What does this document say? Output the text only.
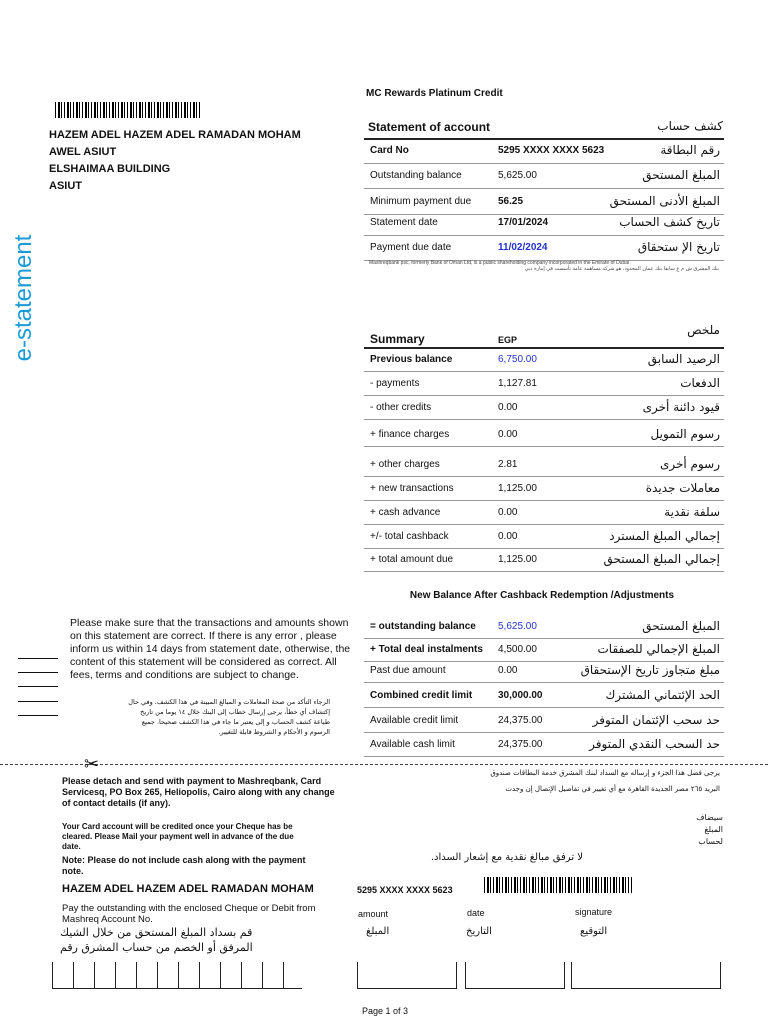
e-statement
HAZEM ADEL HAZEM ADEL RAMADAN MOHAM
AWEL ASIUT
ELSHAIMAA BUILDING
ASIUT
MC Rewards Platinum Credit
Statement of account	كشف حساب
Card No	5295 XXXX XXXX 5623	رقم البطاقة
Outstanding balance	5,625.00	المبلغ المستحق
Minimum payment due	56.25	المبلغ الأدنى المستحق
Statement date	17/01/2024	تاريخ كشف الحساب
Payment due date	11/02/2024	تاريخ الإ ستحقاق
Mashreqbank psc, formerly Bank of Oman Ltd, is a public shareholding company incorporated in the Emirate of Dubai
بنك المشرق ش م ع سابقا بنك عمان المحدود، هو شركة مساهمة عامة تأسست في إمارة دبي
Summary	EGP
ملخص
Previous balance	6,750.00	الرصيد السابق
- payments	1,127.81	الدفعات
- other credits	0.00	قيود دائنة أخرى
+ finance charges	0.00	رسوم التمويل
+ other charges	2.81	رسوم أخرى
+ new transactions	1,125.00	معاملات جديدة
+ cash advance	0.00	سلفة نقدية
+/- total cashback	0.00	إجمالي المبلغ المسترد
+ total amount due	1,125.00	إجمالي المبلغ المستحق
New Balance After Cashback Redemption /Adjustments
= outstanding balance 5,625.00	المبلغ المستحق
+ Total deal instalments 4,500.00	المبلغ الإجمالي للصفقات
Past due amount	0.00	مبلغ متجاوز تاريخ الإستحقاق
Combined credit limit	30,000.00	الحد الإئتماني المشترك
Available credit limit	24,375.00	حد سحب الإئتمان المتوفر
Available cash limit	24,375.00	حد السحب النقدي المتوفر
Please make sure that the transactions and amounts shown on this statement are correct. If there is any error , please inform us within 14 days from statement date, otherwise, the content of this statement will be considered as correct. All fees, terms and conditions are subject to change.
الرجاء التأكد من صحة المعاملات و المبالغ المبينة في هذا الكشف. وفي حال إكتشاف أي خطأ، يرجى إرسال خطاب إلى البنك خلال ١٤ يوما من تاريخ طباعة كشف الحساب و إلى يعتبر ما جاء في هذا الكشف صحيحا. جميع الرسوم و الأحكام و الشروط قابلة للتغيير.
✂
Please detach and send with payment to Mashreqbank, Card Servicesq, PO Box 265, Heliopolis, Cairo along with any change of contact details (if any).
يرجى فصل هذا الجزء و إرساله مع السداد لبنك المشرق خدمة البطاقات صندوق
البريد ٢٦٥ مصر الجديدة القاهرة مع أي تغيير في تفاصيل الإتصال إن وجدت
Your Card account will be credited once your Cheque has be cleared. Please Mail your payment well in advance of the due date.
سيضاف
المبلغ
لحساب
Note: Please do not include cash along with the payment note.
لا ترفق مبالغ نقدية مع إشعار السداد.
HAZEM ADEL HAZEM ADEL RAMADAN MOHAM	5295 XXXX XXXX 5623
Pay the outstanding with the enclosed Cheque or Debit from Mashreq Account No.
قم بسداد المبلغ المستحق من خلال الشيك
المرفق أو الخصم من حساب المشرق رقم
amount
المبلغ
date
التاريخ
signature
التوقيع
Page 1 of 3
